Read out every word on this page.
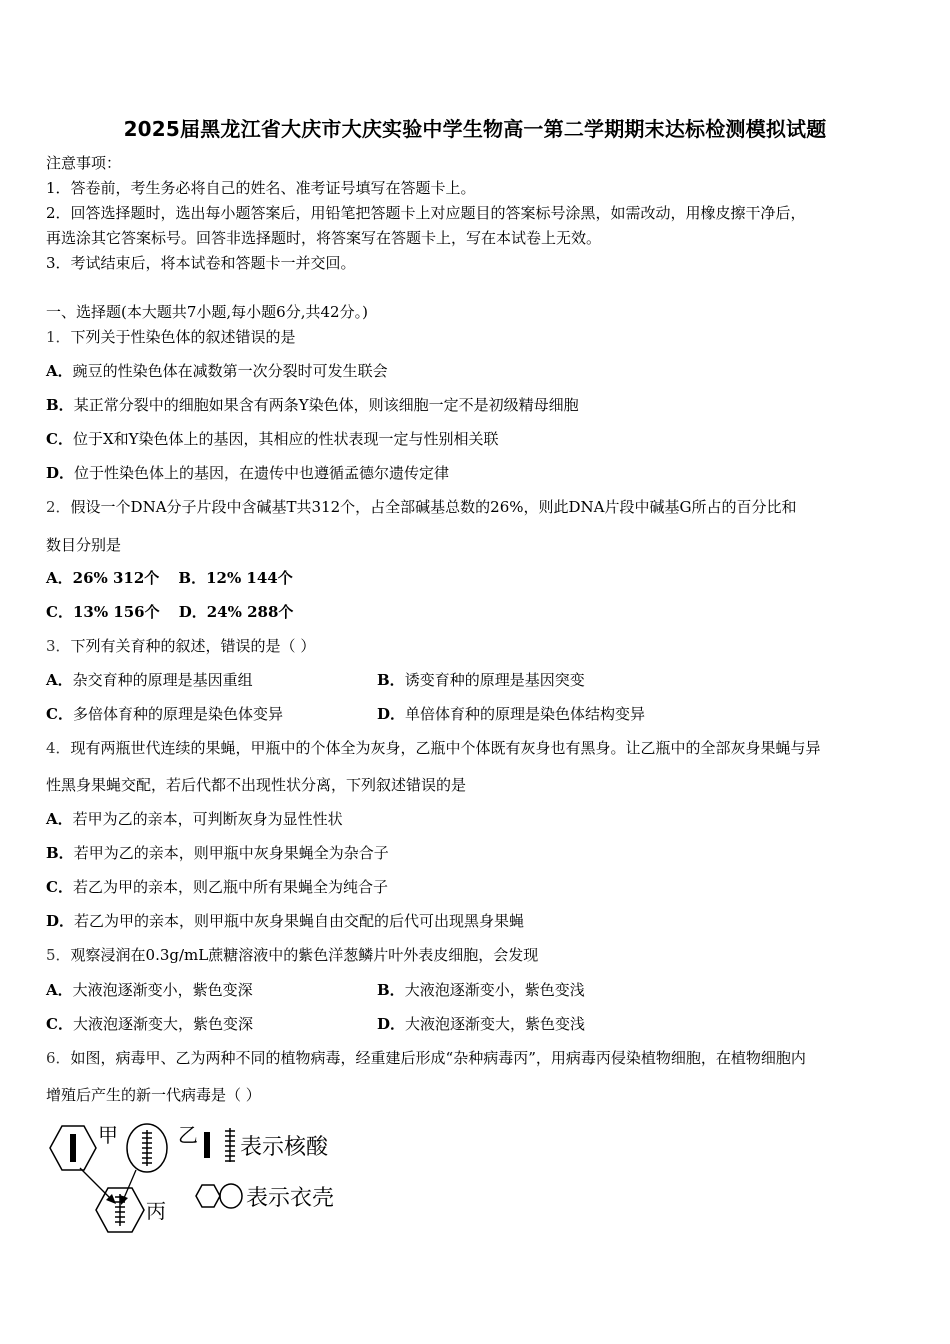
2025届黑龙江省大庆市大庆实验中学生物高一第二学期期末达标检测模拟试题
注意事项：
1．答卷前，考生务必将自己的姓名、准考证号填写在答题卡上。
2．回答选择题时，选出每小题答案后，用铅笔把答题卡上对应题目的答案标号涂黑，如需改动，用橡皮擦干净后，
再选涂其它答案标号。回答非选择题时，将答案写在答题卡上，写在本试卷上无效。
3．考试结束后，将本试卷和答题卡一并交回。
一、选择题(本大题共7小题,每小题6分,共42分。)
1．下列关于性染色体的叙述错误的是
A．豌豆的性染色体在减数第一次分裂时可发生联会
B．某正常分裂中的细胞如果含有两条Y染色体，则该细胞一定不是初级精母细胞
C．位于X和Y染色体上的基因，其相应的性状表现一定与性别相关联
D．位于性染色体上的基因，在遗传中也遵循孟德尔遗传定律
2．假设一个DNA分子片段中含碱基T共312个，占全部碱基总数的26%，则此DNA片段中碱基G所占的百分比和
数目分别是
A．26% 312个 B．12% 144个
C．13% 156个 D．24% 288个
3．下列有关育种的叙述，错误的是（ ）
A．杂交育种的原理是基因重组	B．诱变育种的原理是基因突变
C．多倍体育种的原理是染色体变异	D．单倍体育种的原理是染色体结构变异
4．现有两瓶世代连续的果蝇，甲瓶中的个体全为灰身，乙瓶中个体既有灰身也有黑身。让乙瓶中的全部灰身果蝇与异
性黑身果蝇交配，若后代都不出现性状分离，下列叙述错误的是
A．若甲为乙的亲本，可判断灰身为显性性状
B．若甲为乙的亲本，则甲瓶中灰身果蝇全为杂合子
C．若乙为甲的亲本，则乙瓶中所有果蝇全为纯合子
D．若乙为甲的亲本，则甲瓶中灰身果蝇自由交配的后代可出现黑身果蝇
5．观察浸润在0.3g/mL蔗糖溶液中的紫色洋葱鳞片叶外表皮细胞，会发现
A．大液泡逐渐变小，紫色变深	B．大液泡逐渐变小，紫色变浅
C．大液泡逐渐变大，紫色变深	D．大液泡逐渐变大，紫色变浅
6．如图，病毒甲、乙为两种不同的植物病毒，经重建后形成“杂种病毒丙”，用病毒丙侵染植物细胞，在植物细胞内
增殖后产生的新一代病毒是（ ）
甲	乙
丙
表示核酸
表示衣壳
